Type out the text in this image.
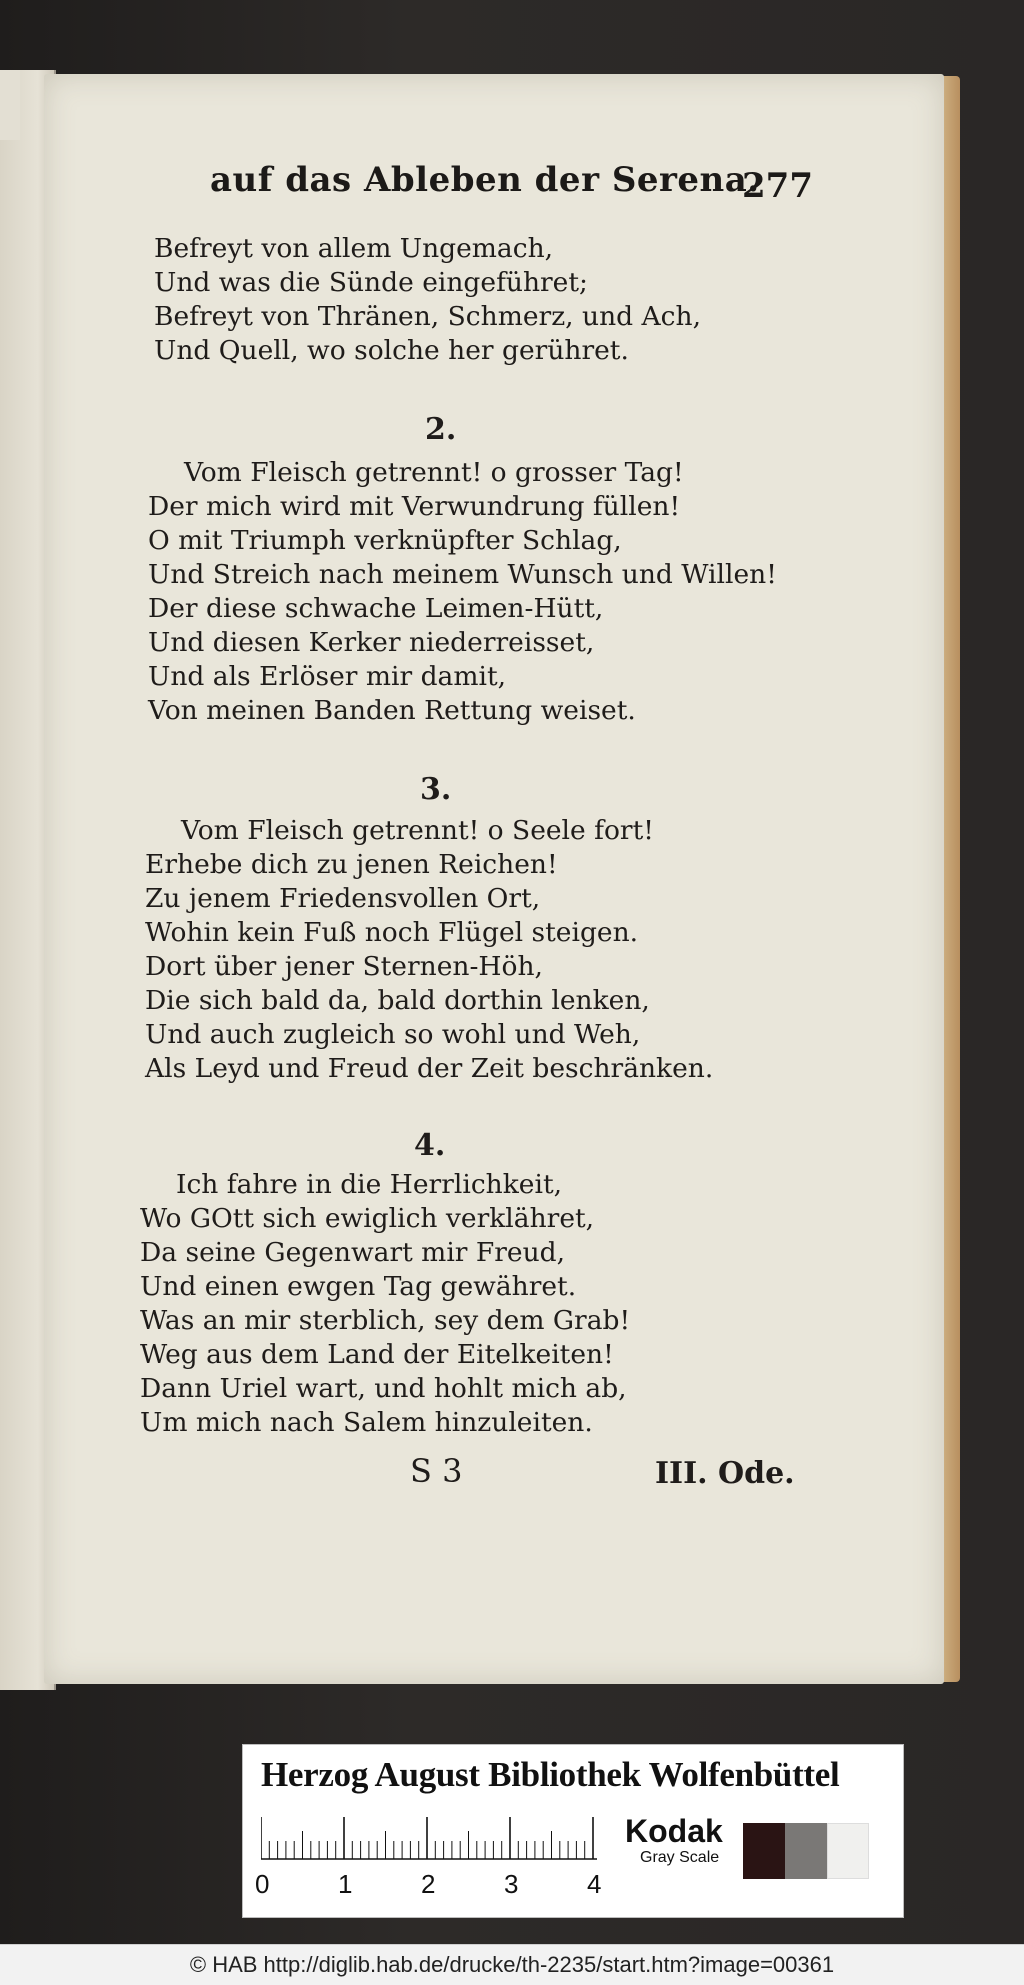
auf das Ableben der Serena.
277
Befreyt von allem Ungemach,
Und was die Sünde eingeführet;
Befreyt von Thränen, Schmerz, und Ach,
Und Quell, wo solche her gerühret.
2.
Vom Fleisch getrennt! o grosser Tag!
Der mich wird mit Verwundrung füllen!
O mit Triumph verknüpfter Schlag,
Und Streich nach meinem Wunsch und Willen!
Der diese schwache Leimen-Hütt,
Und diesen Kerker niederreisset,
Und als Erlöser mir damit,
Von meinen Banden Rettung weiset.
3.
Vom Fleisch getrennt! o Seele fort!
Erhebe dich zu jenen Reichen!
Zu jenem Friedensvollen Ort,
Wohin kein Fuß noch Flügel steigen.
Dort über jener Sternen-Höh,
Die sich bald da, bald dorthin lenken,
Und auch zugleich so wohl und Weh,
Als Leyd und Freud der Zeit beschränken.
4.
Ich fahre in die Herrlichkeit,
Wo GOtt sich ewiglich verklähret,
Da seine Gegenwart mir Freud,
Und einen ewgen Tag gewähret.
Was an mir sterblich, sey dem Grab!
Weg aus dem Land der Eitelkeiten!
Dann Uriel wart, und hohlt mich ab,
Um mich nach Salem hinzuleiten.
S 3	III. Ode.
Herzog August Bibliothek Wolfenbüttel
0	1	2	3	4
Kodak
Gray Scale
© HAB http://diglib.hab.de/drucke/th-2235/start.htm?image=00361
